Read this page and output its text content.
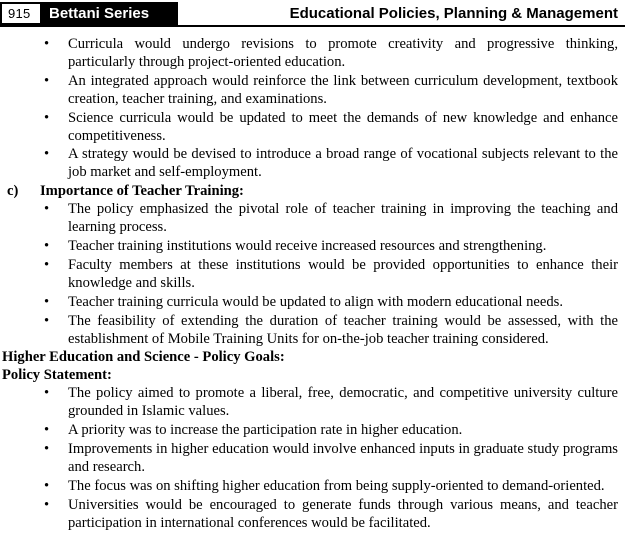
915	Bettani Series	Educational Policies, Planning & Management
• Curricula would undergo revisions to promote creativity and progressive thinking, particularly through project-oriented education.
• An integrated approach would reinforce the link between curriculum development, textbook creation, teacher training, and examinations.
• Science curricula would be updated to meet the demands of new knowledge and enhance competitiveness.
• A strategy would be devised to introduce a broad range of vocational subjects relevant to the job market and self-employment.
c)	Importance of Teacher Training:
• The policy emphasized the pivotal role of teacher training in improving the teaching and learning process.
• Teacher training institutions would receive increased resources and strengthening.
• Faculty members at these institutions would be provided opportunities to enhance their knowledge and skills.
• Teacher training curricula would be updated to align with modern educational needs.
• The feasibility of extending the duration of teacher training would be assessed, with the establishment of Mobile Training Units for on-the-job teacher training considered.
Higher Education and Science - Policy Goals:
Policy Statement:
• The policy aimed to promote a liberal, free, democratic, and competitive university culture grounded in Islamic values.
• A priority was to increase the participation rate in higher education.
• Improvements in higher education would involve enhanced inputs in graduate study programs and research.
• The focus was on shifting higher education from being supply-oriented to demand-oriented.
• Universities would be encouraged to generate funds through various means, and teacher participation in international conferences would be facilitated.
